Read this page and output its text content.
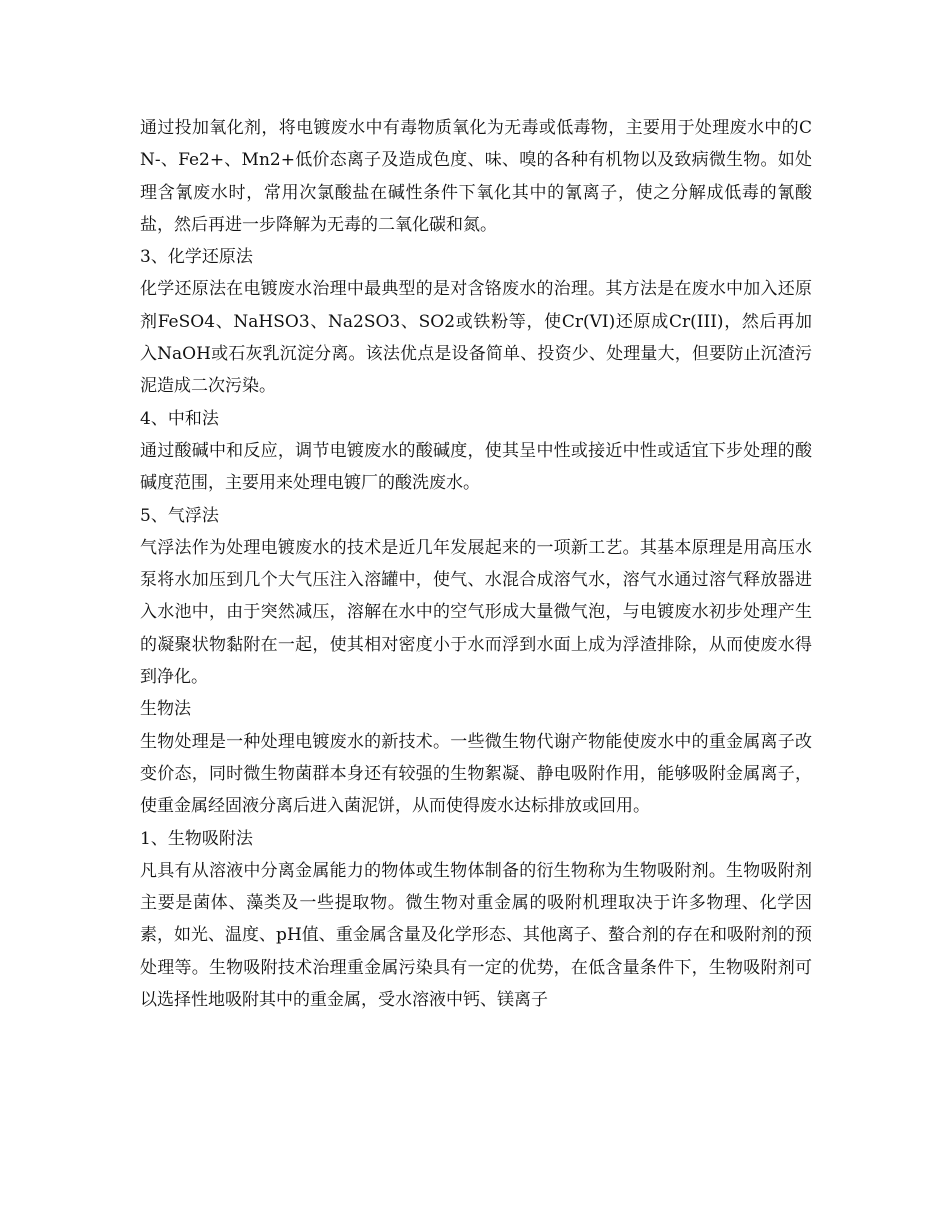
通过投加氧化剂，将电镀废水中有毒物质氧化为无毒或低毒物，主要用于处理废水中的CN-、Fe2+、Mn2+低价态离子及造成色度、味、嗅的各种有机物以及致病微生物。如处理含氰废水时，常用次氯酸盐在碱性条件下氧化其中的氰离子，使之分解成低毒的氰酸盐，然后再进一步降解为无毒的二氧化碳和氮。

3、化学还原法

化学还原法在电镀废水治理中最典型的是对含铬废水的治理。其方法是在废水中加入还原剂FeSO4、NaHSO3、Na2SO3、SO2或铁粉等，使Cr(VI)还原成Cr(III)，然后再加入NaOH或石灰乳沉淀分离。该法优点是设备简单、投资少、处理量大，但要防止沉渣污泥造成二次污染。

4、中和法

通过酸碱中和反应，调节电镀废水的酸碱度，使其呈中性或接近中性或适宜下步处理的酸碱度范围，主要用来处理电镀厂的酸洗废水。

5、气浮法

气浮法作为处理电镀废水的技术是近几年发展起来的一项新工艺。其基本原理是用高压水泵将水加压到几个大气压注入溶罐中，使气、水混合成溶气水，溶气水通过溶气释放器进入水池中，由于突然减压，溶解在水中的空气形成大量微气泡，与电镀废水初步处理产生的凝聚状物黏附在一起，使其相对密度小于水而浮到水面上成为浮渣排除，从而使废水得到净化。

生物法

生物处理是一种处理电镀废水的新技术。一些微生物代谢产物能使废水中的重金属离子改变价态，同时微生物菌群本身还有较强的生物絮凝、静电吸附作用，能够吸附金属离子，使重金属经固液分离后进入菌泥饼，从而使得废水达标排放或回用。

1、生物吸附法

凡具有从溶液中分离金属能力的物体或生物体制备的衍生物称为生物吸附剂。生物吸附剂主要是菌体、藻类及一些提取物。微生物对重金属的吸附机理取决于许多物理、化学因素，如光、温度、pH值、重金属含量及化学形态、其他离子、螯合剂的存在和吸附剂的预处理等。生物吸附技术治理重金属污染具有一定的优势，在低含量条件下，生物吸附剂可以选择性地吸附其中的重金属，受水溶液中钙、镁离子
